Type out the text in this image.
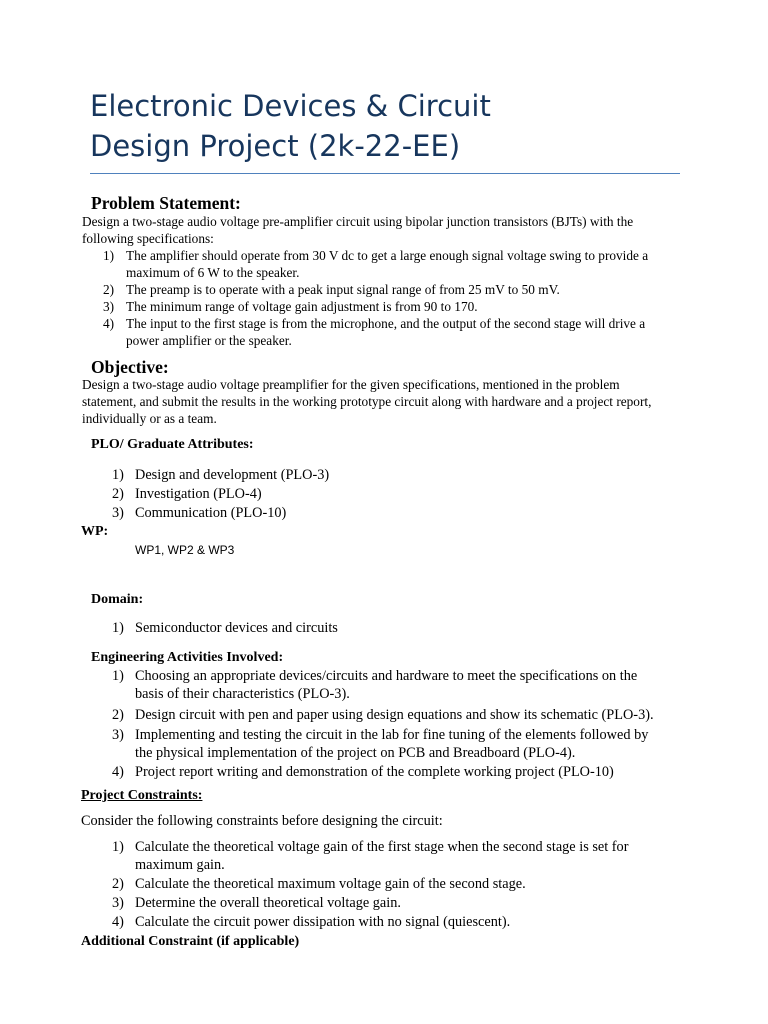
Electronic Devices & Circuit
Design Project (2k-22-EE)
Problem Statement:
Design a two-stage audio voltage pre-amplifier circuit using bipolar junction transistors (BJTs) with the
following specifications:
1) The amplifier should operate from 30 V dc to get a large enough signal voltage swing to provide a
maximum of 6 W to the speaker.
2) The preamp is to operate with a peak input signal range of from 25 mV to 50 mV.
3) The minimum range of voltage gain adjustment is from 90 to 170.
4) The input to the first stage is from the microphone, and the output of the second stage will drive a
power amplifier or the speaker.
Objective:
Design a two-stage audio voltage preamplifier for the given specifications, mentioned in the problem
statement, and submit the results in the working prototype circuit along with hardware and a project report,
individually or as a team.
PLO/ Graduate Attributes:
1) Design and development (PLO-3)
2) Investigation (PLO-4)
3) Communication (PLO-10)
WP:
WP1, WP2 & WP3
Domain:
1) Semiconductor devices and circuits
Engineering Activities Involved:
1) Choosing an appropriate devices/circuits and hardware to meet the specifications on the
basis of their characteristics (PLO-3).
2) Design circuit with pen and paper using design equations and show its schematic (PLO-3).
3) Implementing and testing the circuit in the lab for fine tuning of the elements followed by
the physical implementation of the project on PCB and Breadboard (PLO-4).
4) Project report writing and demonstration of the complete working project (PLO-10)
Project Constraints:
Consider the following constraints before designing the circuit:
1) Calculate the theoretical voltage gain of the first stage when the second stage is set for
maximum gain.
2) Calculate the theoretical maximum voltage gain of the second stage.
3) Determine the overall theoretical voltage gain.
4) Calculate the circuit power dissipation with no signal (quiescent).
Additional Constraint (if applicable)
